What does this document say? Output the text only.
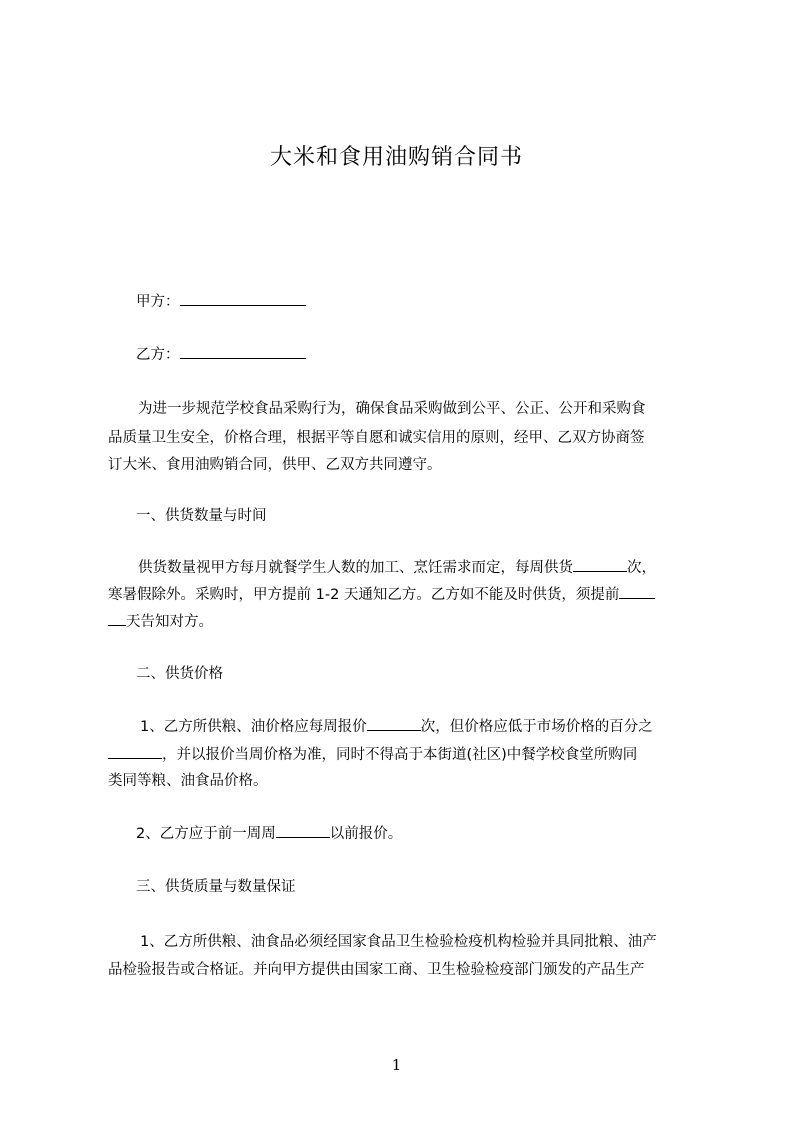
大米和食用油购销合同书
甲方：
乙方：
为进一步规范学校食品采购行为，确保食品采购做到公平、公正、公开和采购食
品质量卫生安全，价格合理，根据平等自愿和诚实信用的原则，经甲、乙双方协商签
订大米、食用油购销合同，供甲、乙双方共同遵守。
一、供货数量与时间
供货数量视甲方每月就餐学生人数的加工、烹饪需求而定，每周供货	次，
寒暑假除外。采购时，甲方提前 1-2 天通知乙方。乙方如不能及时供货，须提前
天告知对方。
二、供货价格
1、乙方所供粮、油价格应每周报价	次，但价格应低于市场价格的百分之
，并以报价当周价格为准，同时不得高于本街道(社区)中餐学校食堂所购同
类同等粮、油食品价格。
2、乙方应于前一周周	以前报价。
三、供货质量与数量保证
1、乙方所供粮、油食品必须经国家食品卫生检验检疫机构检验并具同批粮、油产
品检验报告或合格证。并向甲方提供由国家工商、卫生检验检疫部门颁发的产品生产
1
